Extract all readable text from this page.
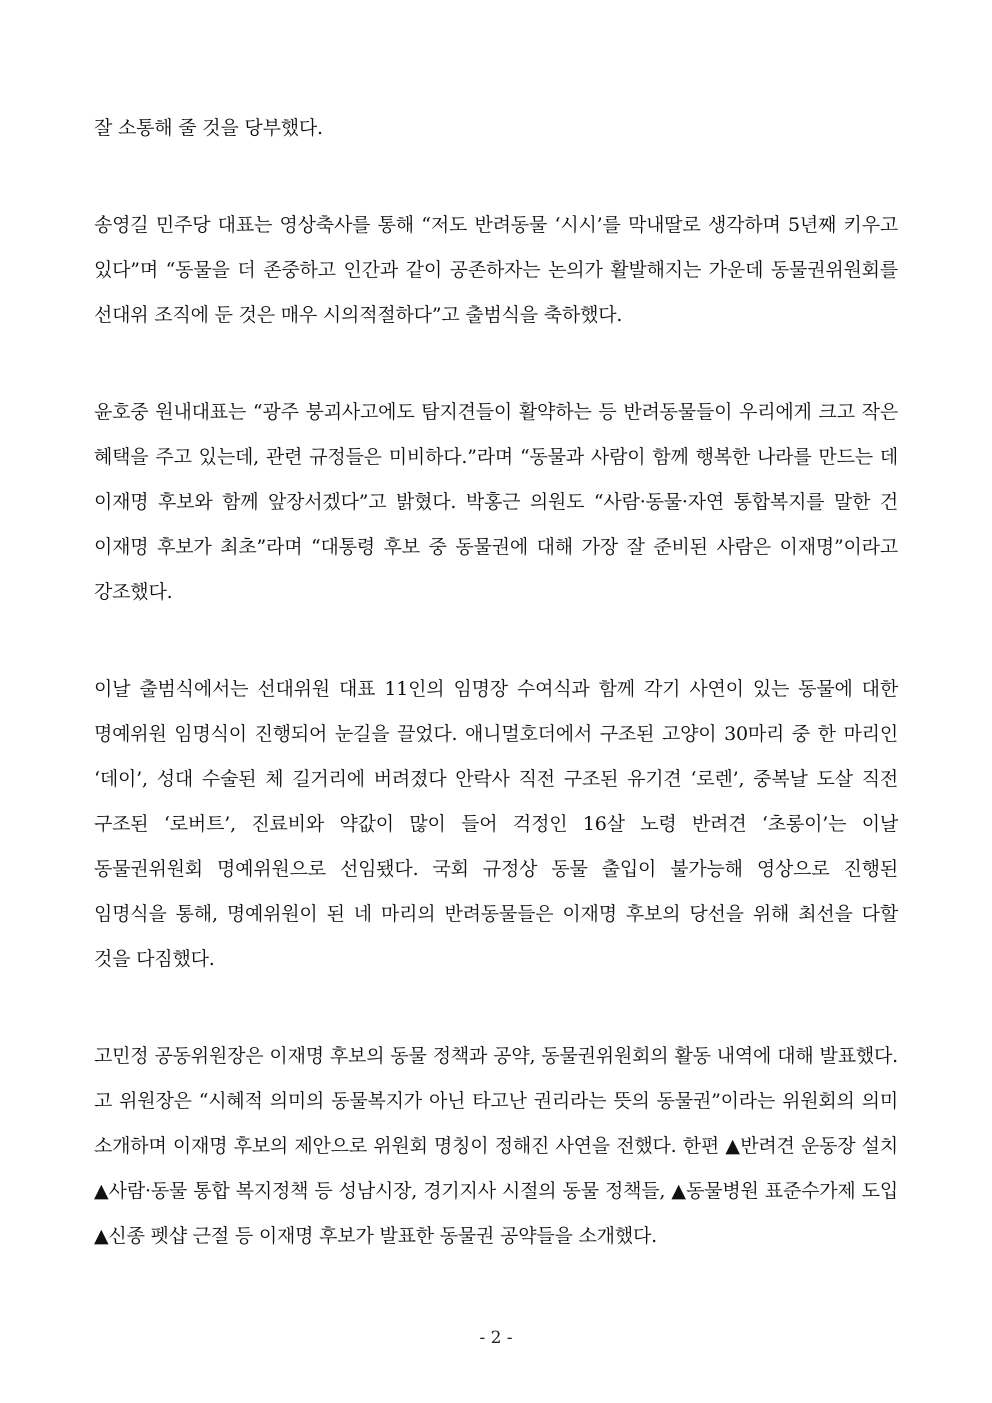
잘 소통해 줄 것을 당부했다.

송영길 민주당 대표는 영상축사를 통해 “저도 반려동물 ‘시시’를 막내딸로 생각하며 5년째 키우고 있다”며 “동물을 더 존중하고 인간과 같이 공존하자는 논의가 활발해지는 가운데 동물권위원회를 선대위 조직에 둔 것은 매우 시의적절하다”고 출범식을 축하했다.

윤호중 원내대표는 “광주 붕괴사고에도 탐지견들이 활약하는 등 반려동물들이 우리에게 크고 작은 혜택을 주고 있는데, 관련 규정들은 미비하다.”라며 “동물과 사람이 함께 행복한 나라를 만드는 데 이재명 후보와 함께 앞장서겠다”고 밝혔다. 박홍근 의원도 “사람·동물·자연 통합복지를 말한 건 이재명 후보가 최초”라며 “대통령 후보 중 동물권에 대해 가장 잘 준비된 사람은 이재명”이라고 강조했다.

이날 출범식에서는 선대위원 대표 11인의 임명장 수여식과 함께 각기 사연이 있는 동물에 대한 명예위원 임명식이 진행되어 눈길을 끌었다. 애니멀호더에서 구조된 고양이 30마리 중 한 마리인 ‘데이’, 성대 수술된 체 길거리에 버려졌다 안락사 직전 구조된 유기견 ‘로렌’, 중복날 도살 직전 구조된 ‘로버트’, 진료비와 약값이 많이 들어 걱정인 16살 노령 반려견 ‘초롱이’는 이날 동물권위원회 명예위원으로 선임됐다. 국회 규정상 동물 출입이 불가능해 영상으로 진행된 임명식을 통해, 명예위원이 된 네 마리의 반려동물들은 이재명 후보의 당선을 위해 최선을 다할 것을 다짐했다.

고민정 공동위원장은 이재명 후보의 동물 정책과 공약, 동물권위원회의 활동 내역에 대해 발표했다. 고 위원장은 “시혜적 의미의 동물복지가 아닌 타고난 권리라는 뜻의 동물권”이라는 위원회의 의미 소개하며 이재명 후보의 제안으로 위원회 명칭이 정해진 사연을 전했다. 한편 ▲반려견 운동장 설치 ▲사람·동물 통합 복지정책 등 성남시장, 경기지사 시절의 동물 정책들, ▲동물병원 표준수가제 도입 ▲신종 펫샵 근절 등 이재명 후보가 발표한 동물권 공약들을 소개했다.

- 2 -
